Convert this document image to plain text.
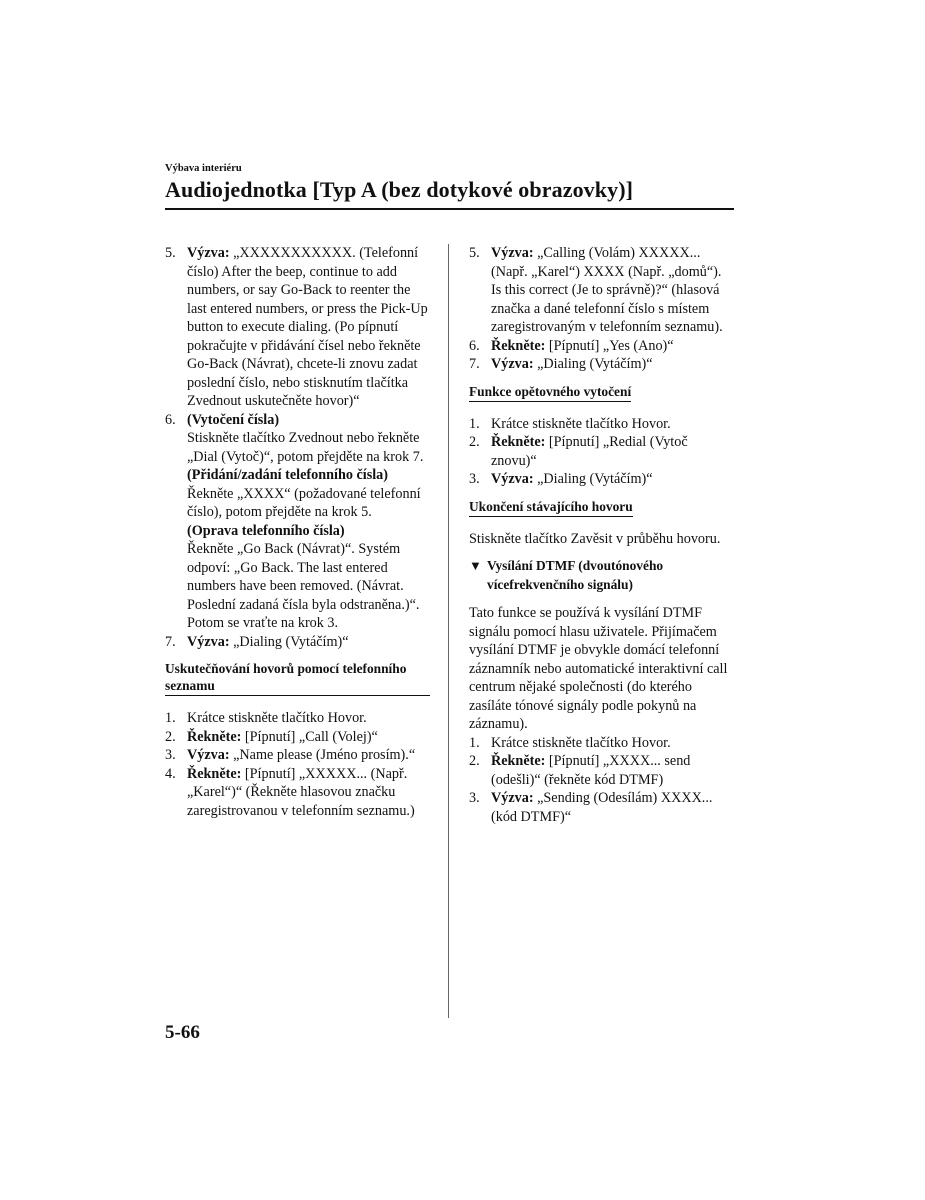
Výbava interiéru
Audiojednotka [Typ A (bez dotykové obrazovky)]
5. Výzva: „XXXXXXXXXXX. (Telefonní číslo) After the beep, continue to add numbers, or say Go-Back to reenter the last entered numbers, or press the Pick-Up button to execute dialing. (Po pípnutí pokračujte v přidávání čísel nebo řekněte Go-Back (Návrat), chcete-li znovu zadat poslední číslo, nebo stisknutím tlačítka Zvednout uskutečněte hovor)“
6. (Vytočení čísla)
Stiskněte tlačítko Zvednout nebo řekněte „Dial (Vytoč)“, potom přejděte na krok 7.
(Přidání/zadání telefonního čísla)
Řekněte „XXXX“ (požadované telefonní číslo), potom přejděte na krok 5.
(Oprava telefonního čísla)
Řekněte „Go Back (Návrat)“. Systém odpoví: „Go Back. The last entered numbers have been removed. (Návrat. Poslední zadaná čísla byla odstraněna.)“. Potom se vraťte na krok 3.
7. Výzva: „Dialing (Vytáčím)“
Uskutečňování hovorů pomocí telefonního seznamu
1. Krátce stiskněte tlačítko Hovor.
2. Řekněte: [Pípnutí] „Call (Volej)“
3. Výzva: „Name please (Jméno prosím).“
4. Řekněte: [Pípnutí] „XXXXX... (Např. „Karel“)“ (Řekněte hlasovou značku zaregistrovanou v telefonním seznamu.)
5. Výzva: „Calling (Volám) XXXXX... (Např. „Karel“) XXXX (Např. „domů“). Is this correct (Je to správně)?“ (hlasová značka a dané telefonní číslo s místem zaregistrovaným v telefonním seznamu).
6. Řekněte: [Pípnutí] „Yes (Ano)“
7. Výzva: „Dialing (Vytáčím)“
Funkce opětovného vytočení
1. Krátce stiskněte tlačítko Hovor.
2. Řekněte: [Pípnutí] „Redial (Vytoč znovu)“
3. Výzva: „Dialing (Vytáčím)“
Ukončení stávajícího hovoru
Stiskněte tlačítko Zavěsit v průběhu hovoru.
▼ Vysílání DTMF (dvoutónového vícefrekvenčního signálu)
Tato funkce se používá k vysílání DTMF signálu pomocí hlasu uživatele. Přijímačem vysílání DTMF je obvykle domácí telefonní záznamník nebo automatické interaktivní call centrum nějaké společnosti (do kterého zasíláte tónové signály podle pokynů na záznamu).
1. Krátce stiskněte tlačítko Hovor.
2. Řekněte: [Pípnutí] „XXXX... send (odešli)“ (řekněte kód DTMF)
3. Výzva: „Sending (Odesílám) XXXX... (kód DTMF)“
5-66
